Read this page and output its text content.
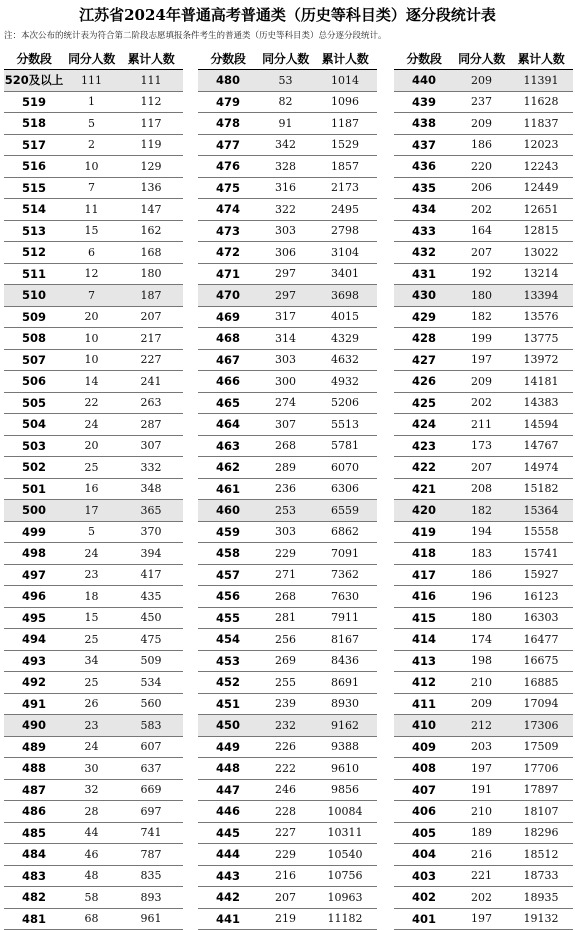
江苏省2024年普通高考普通类（历史等科目类）逐分段统计表
注：本次公布的统计表为符合第二阶段志愿填报条件考生的普通类（历史等科目类）总分逐分段统计。
分数段	同分人数	累计人数
520及以上	111	111
519	1	112
518	5	117
517	2	119
516	10	129
515	7	136
514	11	147
513	15	162
512	6	168
511	12	180
510	7	187
509	20	207
508	10	217
507	10	227
506	14	241
505	22	263
504	24	287
503	20	307
502	25	332
501	16	348
500	17	365
499	5	370
498	24	394
497	23	417
496	18	435
495	15	450
494	25	475
493	34	509
492	25	534
491	26	560
490	23	583
489	24	607
488	30	637
487	32	669
486	28	697
485	44	741
484	46	787
483	48	835
482	58	893
481	68	961
分数段	同分人数	累计人数
480	53	1014
479	82	1096
478	91	1187
477	342	1529
476	328	1857
475	316	2173
474	322	2495
473	303	2798
472	306	3104
471	297	3401
470	297	3698
469	317	4015
468	314	4329
467	303	4632
466	300	4932
465	274	5206
464	307	5513
463	268	5781
462	289	6070
461	236	6306
460	253	6559
459	303	6862
458	229	7091
457	271	7362
456	268	7630
455	281	7911
454	256	8167
453	269	8436
452	255	8691
451	239	8930
450	232	9162
449	226	9388
448	222	9610
447	246	9856
446	228	10084
445	227	10311
444	229	10540
443	216	10756
442	207	10963
441	219	11182
分数段	同分人数	累计人数
440	209	11391
439	237	11628
438	209	11837
437	186	12023
436	220	12243
435	206	12449
434	202	12651
433	164	12815
432	207	13022
431	192	13214
430	180	13394
429	182	13576
428	199	13775
427	197	13972
426	209	14181
425	202	14383
424	211	14594
423	173	14767
422	207	14974
421	208	15182
420	182	15364
419	194	15558
418	183	15741
417	186	15927
416	196	16123
415	180	16303
414	174	16477
413	198	16675
412	210	16885
411	209	17094
410	212	17306
409	203	17509
408	197	17706
407	191	17897
406	210	18107
405	189	18296
404	216	18512
403	221	18733
402	202	18935
401	197	19132
